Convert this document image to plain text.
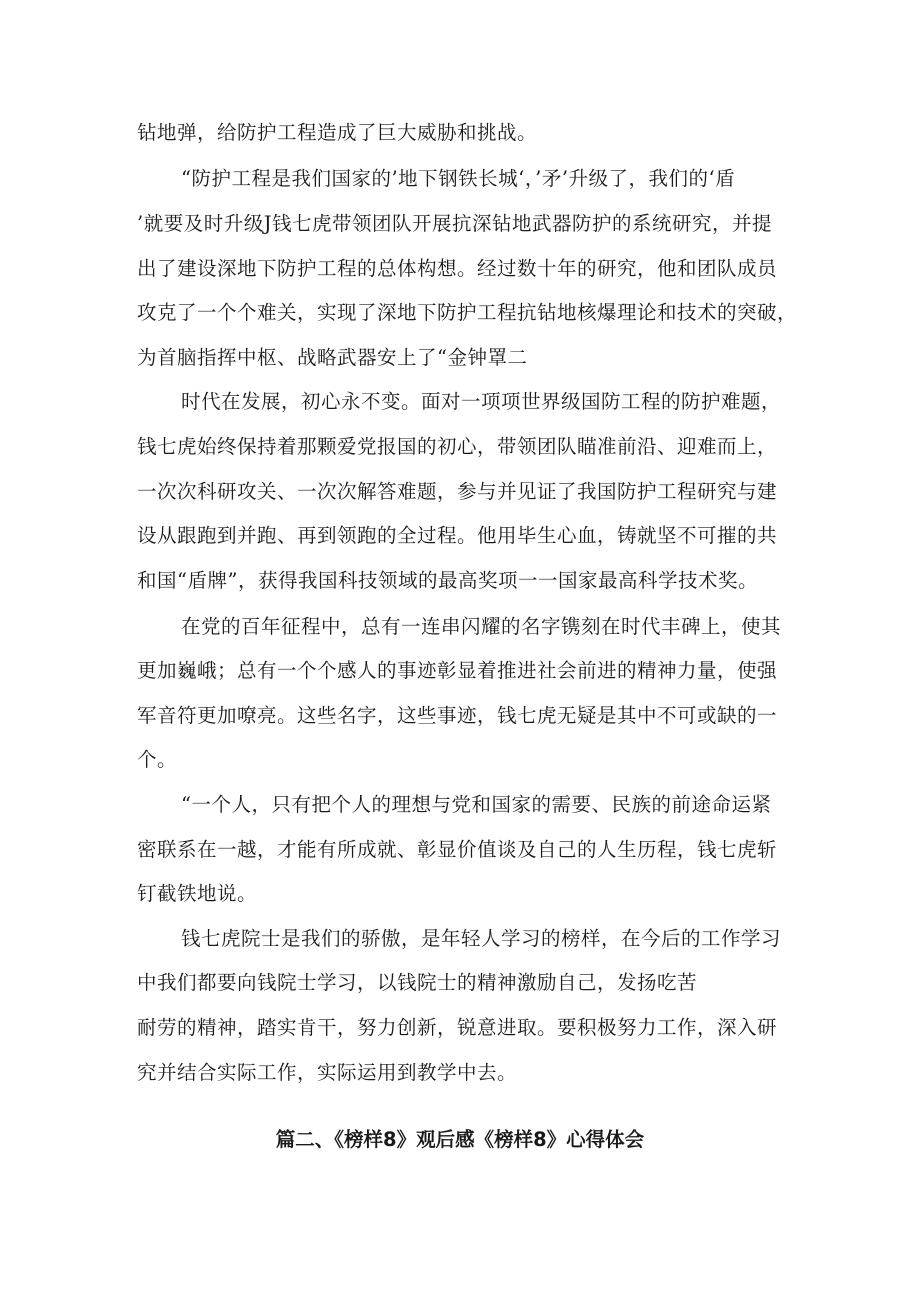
钻地弹，给防护工程造成了巨大威胁和挑战。
“防护工程是我们国家的’地下钢铁长城‘，’矛’升级了，我们的‘盾
’就要及时升级J钱七虎带领团队开展抗深钻地武器防护的系统研究，并提
出了建设深地下防护工程的总体构想。经过数十年的研究，他和团队成员
攻克了一个个难关，实现了深地下防护工程抗钻地核爆理论和技术的突破，
为首脑指挥中枢、战略武器安上了“金钟罩二
时代在发展，初心永不变。面对一项项世界级国防工程的防护难题，
钱七虎始终保持着那颗爱党报国的初心，带领团队瞄准前沿、迎难而上，
一次次科研攻关、一次次解答难题，参与并见证了我国防护工程研究与建
设从跟跑到并跑、再到领跑的全过程。他用毕生心血，铸就坚不可摧的共
和国“盾牌”，获得我国科技领域的最高奖项一一国家最高科学技术奖。
在党的百年征程中，总有一连串闪耀的名字镌刻在时代丰碑上，使其
更加巍峨；总有一个个感人的事迹彰显着推进社会前进的精神力量，使强
军音符更加嘹亮。这些名字，这些事迹，钱七虎无疑是其中不可或缺的一
个。
“一个人，只有把个人的理想与党和国家的需要、民族的前途命运紧
密联系在一越，才能有所成就、彰显价值谈及自己的人生历程，钱七虎斩
钉截铁地说。
钱七虎院士是我们的骄傲，是年轻人学习的榜样，在今后的工作学习
中我们都要向钱院士学习，以钱院士的精神激励自己，发扬吃苦
耐劳的精神，踏实肯干，努力创新，锐意进取。要积极努力工作，深入研
究并结合实际工作，实际运用到教学中去。
篇二、《榜样8》观后感《榜样8》心得体会
